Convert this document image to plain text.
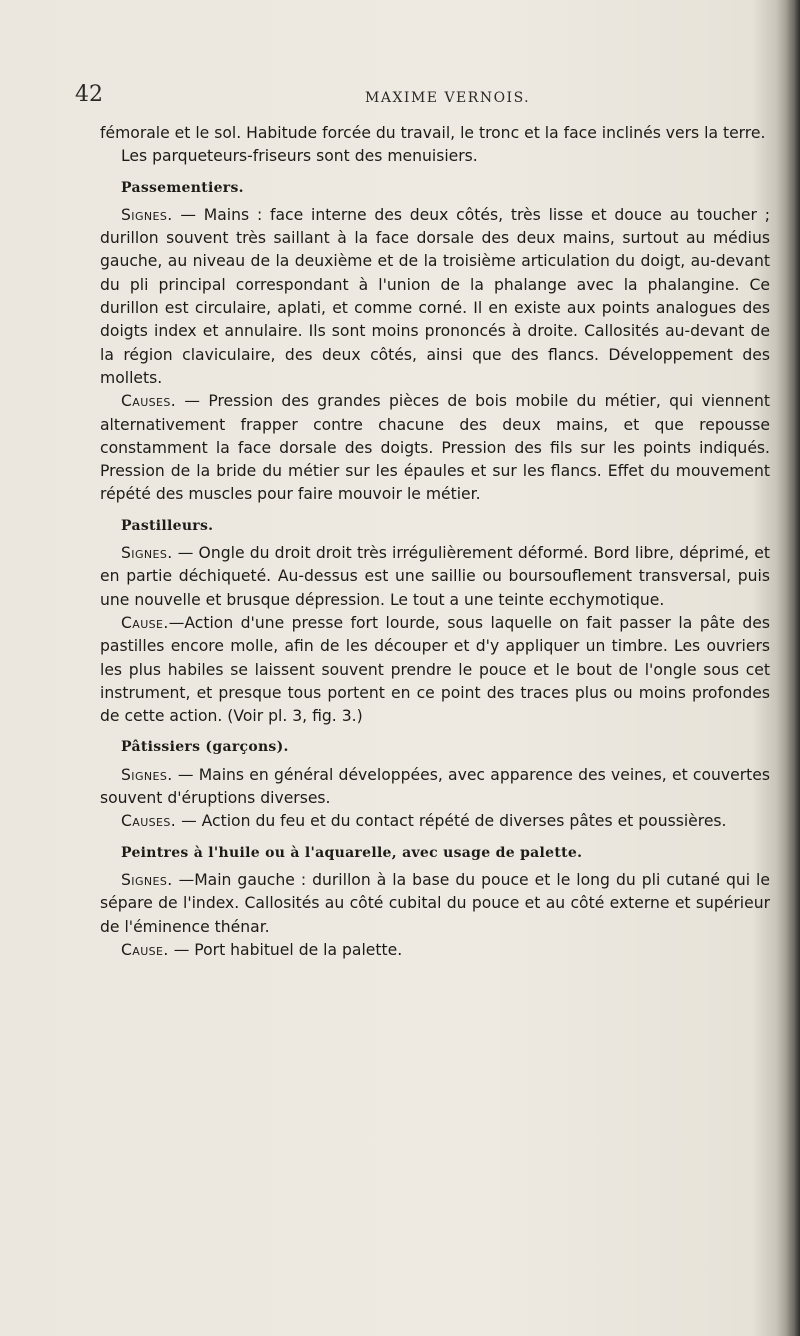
42	MAXIME VERNOIS.

fémorale et le sol. Habitude forcée du travail, le tronc et la face inclinés vers la terre.

Les parqueteurs-friseurs sont des menuisiers.

Passementiers.

Signes. — Mains : face interne des deux côtés, très lisse et douce au toucher ; durillon souvent très saillant à la face dorsale des deux mains, surtout au médius gauche, au niveau de la deuxième et de la troisième articulation du doigt, au-devant du pli principal correspondant à l'union de la phalange avec la phalangine. Ce durillon est circulaire, aplati, et comme corné. Il en existe aux points analogues des doigts index et annulaire. Ils sont moins prononcés à droite. Callosités au-devant de la région claviculaire, des deux côtés, ainsi que des flancs. Développement des mollets.

Causes. — Pression des grandes pièces de bois mobile du métier, qui viennent alternativement frapper contre chacune des deux mains, et que repousse constamment la face dorsale des doigts. Pression des fils sur les points indiqués. Pression de la bride du métier sur les épaules et sur les flancs. Effet du mouvement répété des muscles pour faire mouvoir le métier.

Pastilleurs.

Signes. — Ongle du droit droit très irrégulièrement déformé. Bord libre, déprimé, et en partie déchiqueté. Au-dessus est une saillie ou boursouflement transversal, puis une nouvelle et brusque dépression. Le tout a une teinte ecchymotique.

Cause.—Action d'une presse fort lourde, sous laquelle on fait passer la pâte des pastilles encore molle, afin de les découper et d'y appliquer un timbre. Les ouvriers les plus habiles se laissent souvent prendre le pouce et le bout de l'ongle sous cet instrument, et presque tous portent en ce point des traces plus ou moins profondes de cette action. (Voir pl. 3, fig. 3.)

Pâtissiers (garçons).

Signes. — Mains en général développées, avec apparence des veines, et couvertes souvent d'éruptions diverses.

Causes. — Action du feu et du contact répété de diverses pâtes et poussières.

Peintres à l'huile ou à l'aquarelle, avec usage de palette.

Signes. —Main gauche : durillon à la base du pouce et le long du pli cutané qui le sépare de l'index. Callosités au côté cubital du pouce et au côté externe et supérieur de l'éminence thénar.

Cause. — Port habituel de la palette.
